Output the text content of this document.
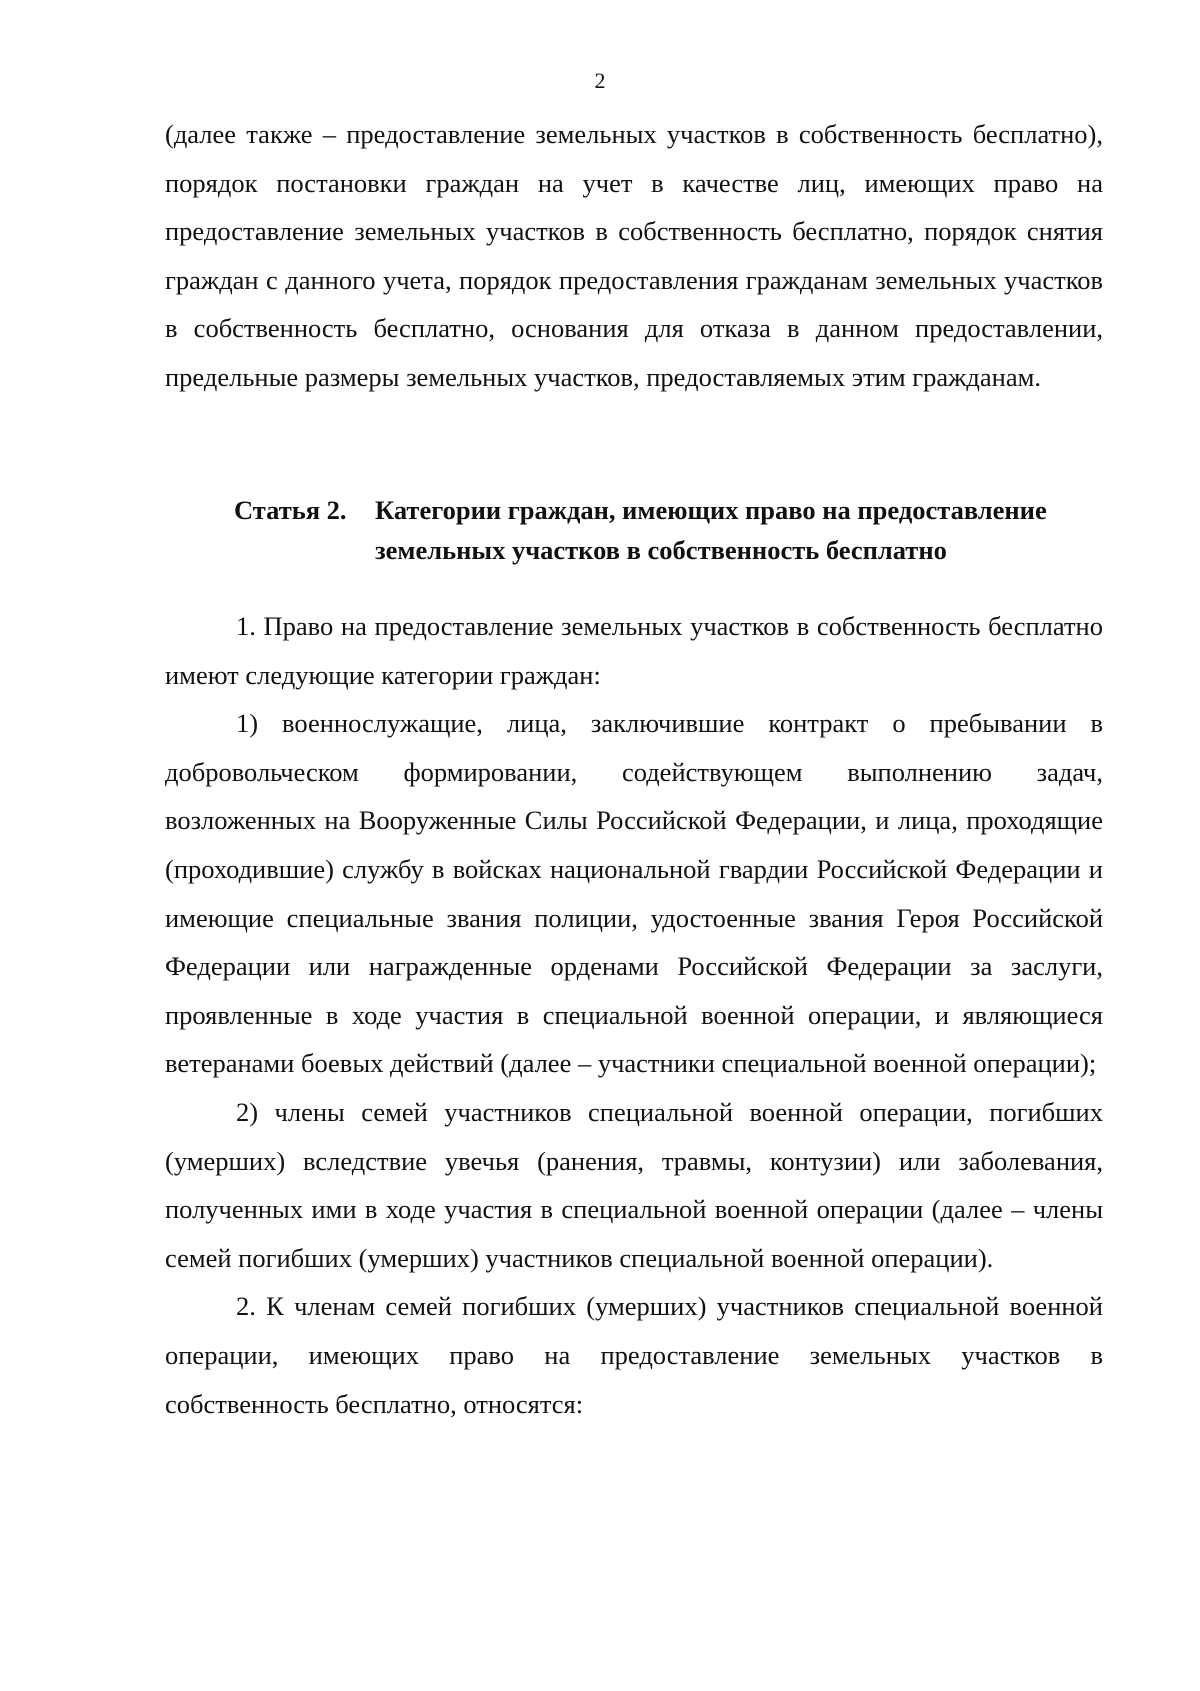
2

(далее также – предоставление земельных участков в собственность бесплатно), порядок постановки граждан на учет в качестве лиц, имеющих право на предоставление земельных участков в собственность бесплатно, порядок снятия граждан с данного учета, порядок предоставления гражданам земельных участков в собственность бесплатно, основания для отказа в данном предоставлении, предельные размеры земельных участков, предоставляемых этим гражданам.

Статья 2.	Категории граждан, имеющих право на предоставление
земельных участков в собственность бесплатно

1. Право на предоставление земельных участков в собственность бесплатно имеют следующие категории граждан:

1) военнослужащие, лица, заключившие контракт о пребывании в добровольческом формировании, содействующем выполнению задач, возложенных на Вооруженные Силы Российской Федерации, и лица, проходящие (проходившие) службу в войсках национальной гвардии Российской Федерации и имеющие специальные звания полиции, удостоенные звания Героя Российской Федерации или награжденные орденами Российской Федерации за заслуги, проявленные в ходе участия в специальной военной операции, и являющиеся ветеранами боевых действий (далее – участники специальной военной операции);

2) члены семей участников специальной военной операции, погибших (умерших) вследствие увечья (ранения, травмы, контузии) или заболевания, полученных ими в ходе участия в специальной военной операции (далее – члены семей погибших (умерших) участников специальной военной операции).

2. К членам семей погибших (умерших) участников специальной военной операции, имеющих право на предоставление земельных участков в собственность бесплатно, относятся:
